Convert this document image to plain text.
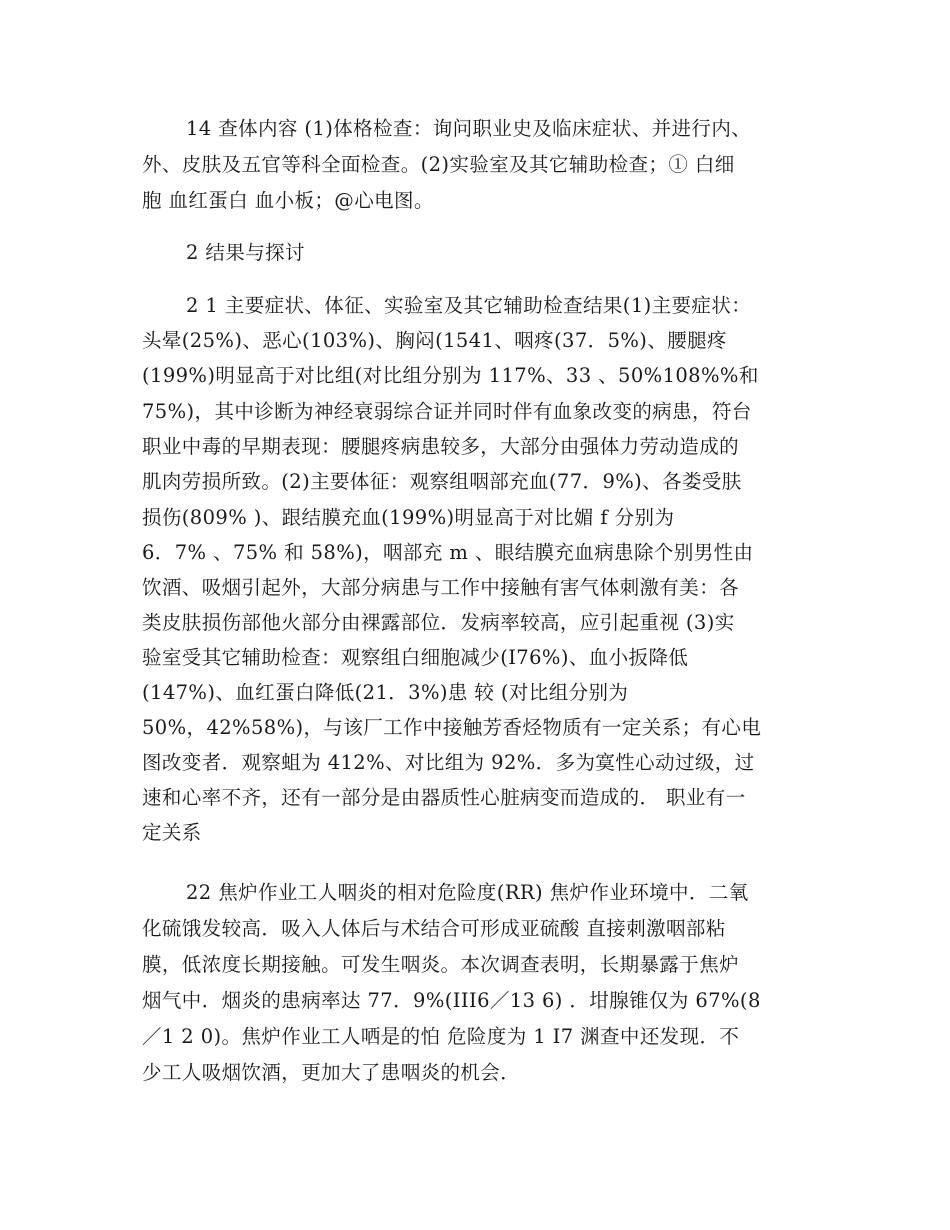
14 查体内容 (1)体格检查：询问职业史及临床症状、并进行内、
外、皮肤及五官等科全面检查。(2)实验室及其它辅助检查；① 白细
胞 血红蛋白 血小板；@心电图。
2 结果与探讨
2 1 主要症状、体征、实验室及其它辅助检查结果(1)主要症状：
头晕(25%)、恶心(103%)、胸闷(1541、咽疼(37．5%)、腰腿疼
(199%)明显高于对比组(对比组分别为 117%、33 、50%108%%和
75%)，其中诊断为神经衰弱综合证并同时伴有血象改变的病患，符台
职业中毒的早期表现：腰腿疼病患较多，大部分由强体力劳动造成的
肌肉劳损所致。(2)主要体征：观察组咽部充血(77．9%)、各娄受肤
损伤(809% )、跟结膜充血(199%)明显高于对比媚 f 分别为
6．7% 、75% 和 58%)，咽部充 m 、眼结膜充血病患除个别男性由
饮酒、吸烟引起外，大部分病患与工作中接触有害气体刺激有美：各
类皮肤损伤部他火部分由裸露部位．发病率较高，应引起重视 (3)实
验室受其它辅助检查：观察组白细胞减少(I76%)、血小扳降低
(147%)、血红蛋白降低(21．3%)患 较 (对比组分别为
50%，42%58%)，与该厂工作中接触芳香烃物质有一定关系；有心电
图改变者．观察蛆为 412%、对比组为 92%．多为寞性心动过级，过
速和心率不齐，还有一部分是由器质性心脏病变而造成的． 职业有一
定关系
22 焦炉作业工人咽炎的相对危险度(RR) 焦炉作业环境中．二氧
化硫饿发较高．吸入人体后与术结合可形成亚硫酸 直接刺激咽部粘
膜，低浓度长期接触。可发生咽炎。本次调查表明，长期暴露于焦炉
烟气中．烟炎的患病率达 77．9%(III6／13 6) ．坩腺锥仅为 67%(8
／1 2 0)。焦炉作业工人哂是的怕 危险度为 1 I7 渊查中还发现．不
少工人吸烟饮酒，更加大了患咽炎的机会．
